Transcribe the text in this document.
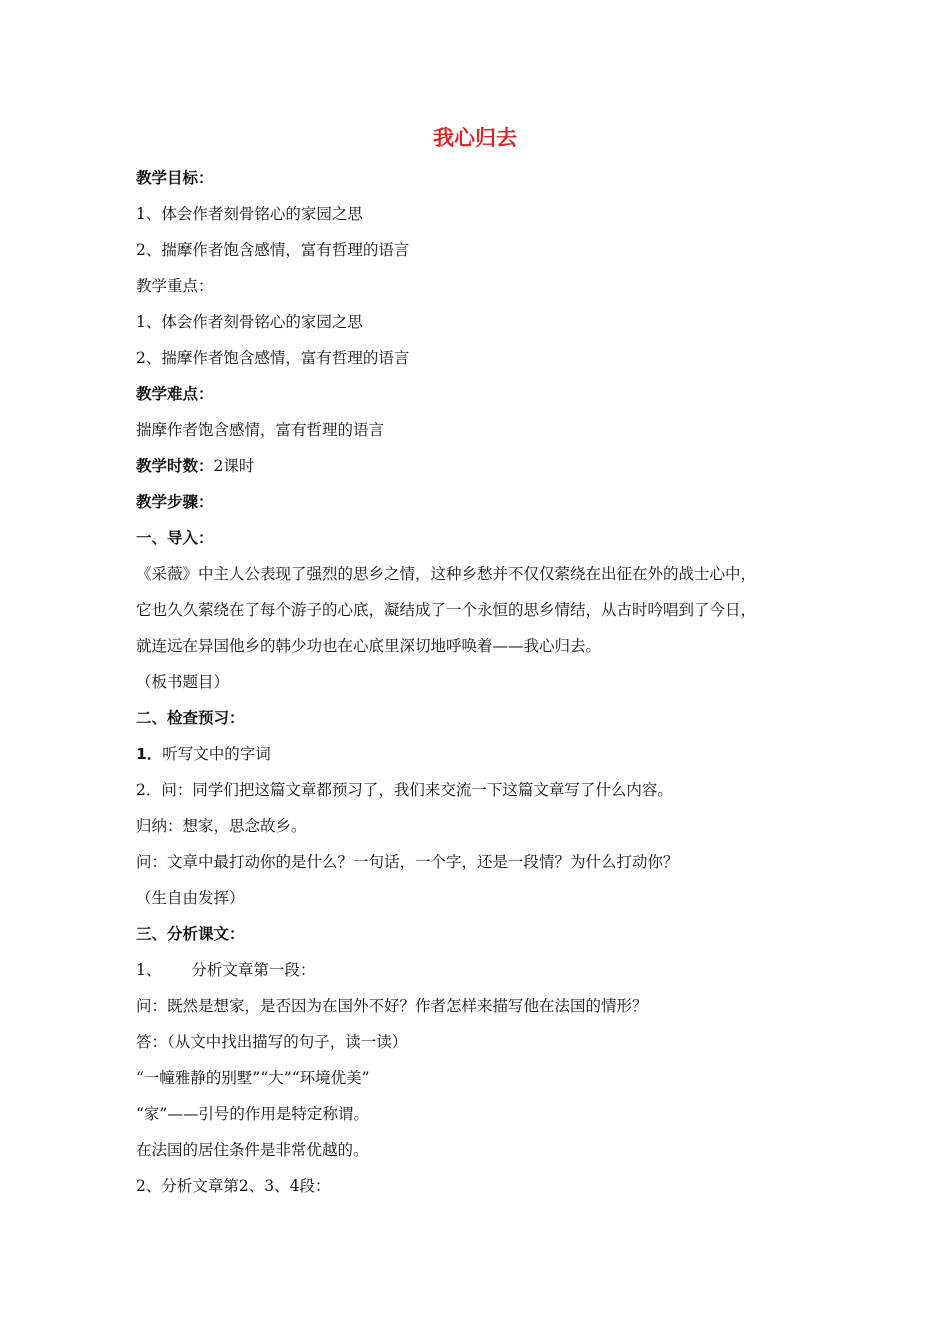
我心归去
教学目标：
1、体会作者刻骨铭心的家园之思
2、揣摩作者饱含感情，富有哲理的语言
教学重点：
1、体会作者刻骨铭心的家园之思
2、揣摩作者饱含感情，富有哲理的语言
教学难点：
揣摩作者饱含感情，富有哲理的语言
教学时数：2课时
教学步骤：
一、导入：
《采薇》中主人公表现了强烈的思乡之情，这种乡愁并不仅仅萦绕在出征在外的战士心中，
它也久久萦绕在了每个游子的心底，凝结成了一个永恒的思乡情结，从古时吟唱到了今日，
就连远在异国他乡的韩少功也在心底里深切地呼唤着——我心归去。
（板书题目）
二、检查预习：
1．听写文中的字词
2．问：同学们把这篇文章都预习了，我们来交流一下这篇文章写了什么内容。
归纳：想家，思念故乡。
问：文章中最打动你的是什么？一句话，一个字，还是一段情？为什么打动你？
（生自由发挥）
三、分析课文：
1、 分析文章第一段：
问：既然是想家，是否因为在国外不好？作者怎样来描写他在法国的情形？
答：（从文中找出描写的句子，读一读）
“一幢雅静的别墅”“大”“环境优美”
“家”——引号的作用是特定称谓。
在法国的居住条件是非常优越的。
2、分析文章第2、3、4段：
